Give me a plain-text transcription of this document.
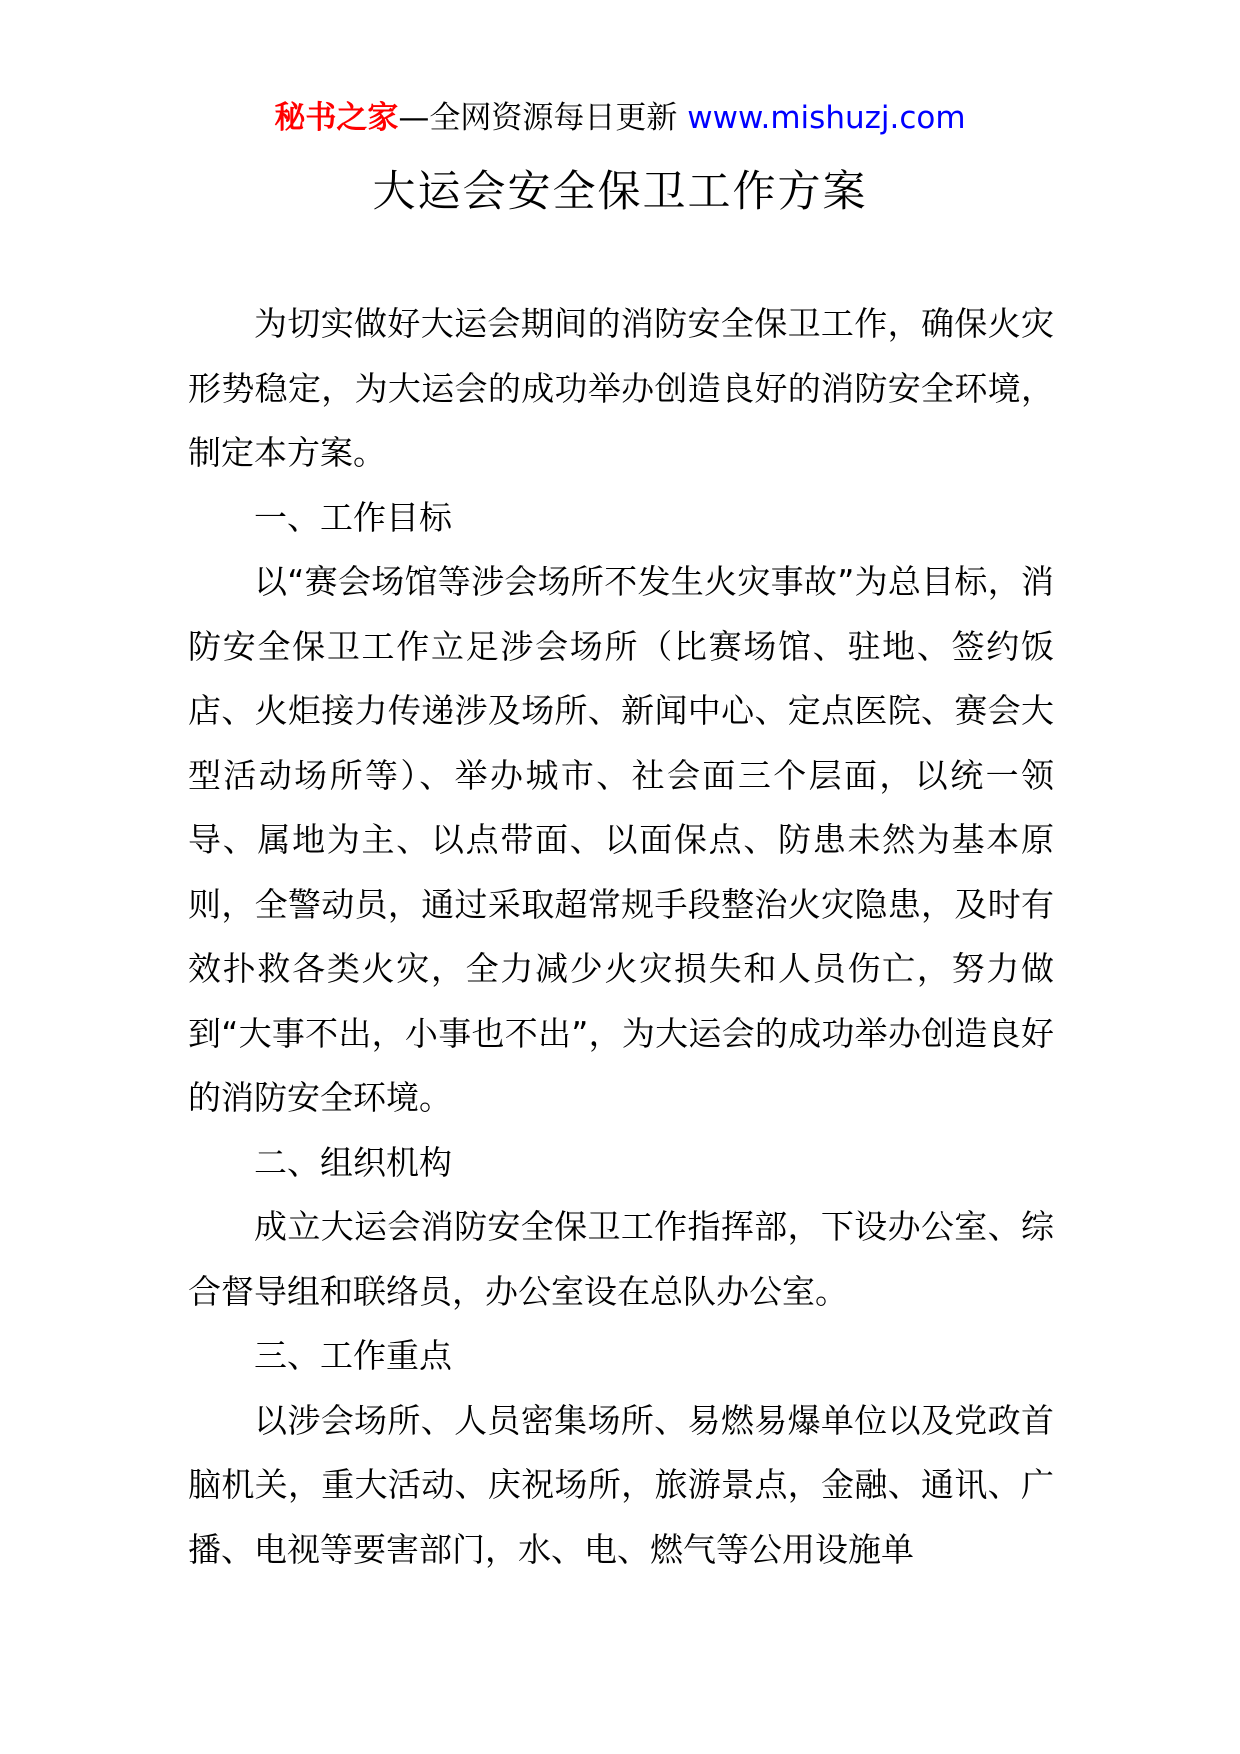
秘书之家—全网资源每日更新 www.mishuzj.com
大运会安全保卫工作方案

为切实做好大运会期间的消防安全保卫工作，确保火灾形势稳定，为大运会的成功举办创造良好的消防安全环境，制定本方案。

一、工作目标

以“赛会场馆等涉会场所不发生火灾事故”为总目标，消防安全保卫工作立足涉会场所（比赛场馆、驻地、签约饭店、火炬接力传递涉及场所、新闻中心、定点医院、赛会大型活动场所等）、举办城市、社会面三个层面，以统一领导、属地为主、以点带面、以面保点、防患未然为基本原则，全警动员，通过采取超常规手段整治火灾隐患，及时有效扑救各类火灾，全力减少火灾损失和人员伤亡，努力做到“大事不出，小事也不出”，为大运会的成功举办创造良好的消防安全环境。

二、组织机构

成立大运会消防安全保卫工作指挥部，下设办公室、综合督导组和联络员，办公室设在总队办公室。

三、工作重点

以涉会场所、人员密集场所、易燃易爆单位以及党政首脑机关，重大活动、庆祝场所，旅游景点，金融、通讯、广播、电视等要害部门，水、电、燃气等公用设施单
